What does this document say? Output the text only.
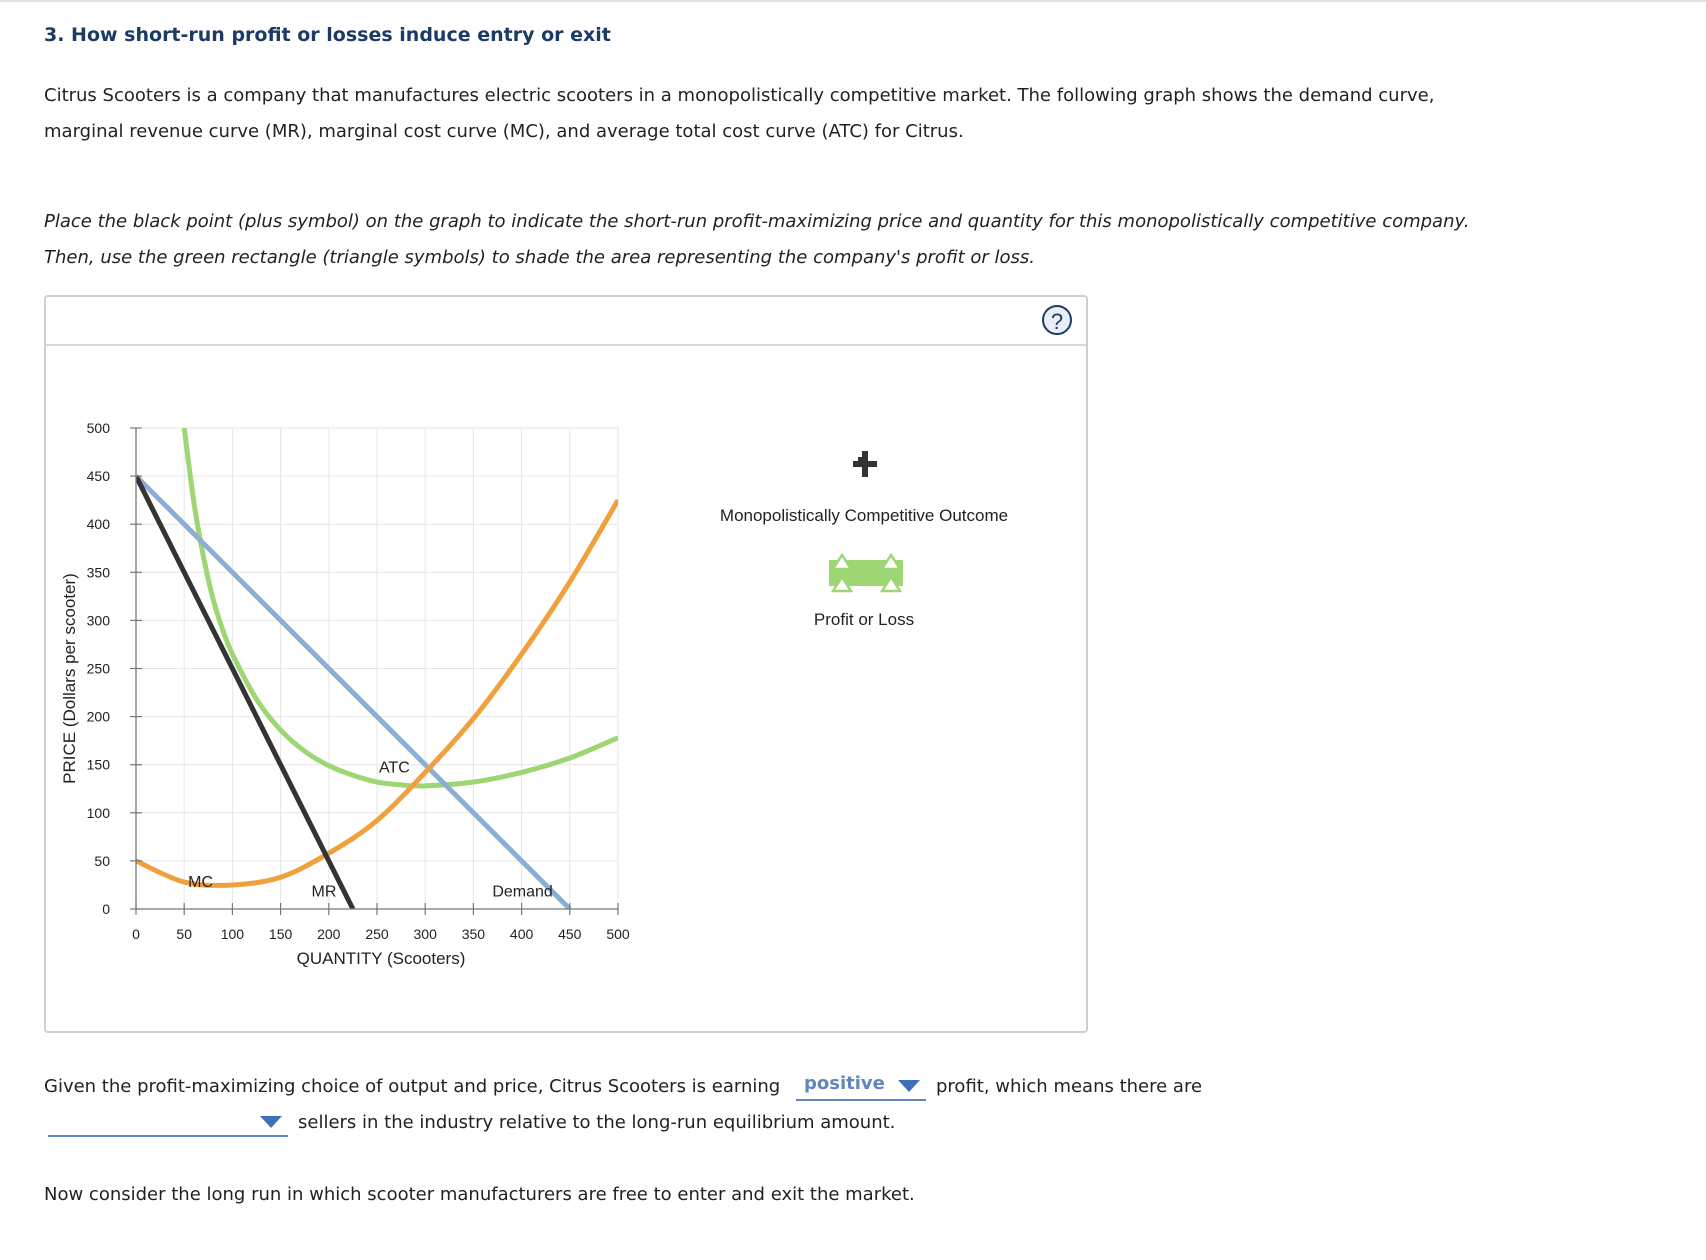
3. How short-run profit or losses induce entry or exit
Citrus Scooters is a company that manufactures electric scooters in a monopolistically competitive market. The following graph shows the demand curve, marginal revenue curve (MR), marginal cost curve (MC), and average total cost curve (ATC) for Citrus.
Place the black point (plus symbol) on the graph to indicate the short-run profit-maximizing price and quantity for this monopolistically competitive company. Then, use the green rectangle (triangle symbols) to shade the area representing the company's profit or loss.
?
0	50 100 150 200 250 300 350 400 450 500
0
50
100
150
200
250
300
350
400
450
500
QUANTITY (Scooters)
PRICE (Dollars per scooter)
MC
MR
ATC
Demand
Monopolistically Competitive Outcome
Profit or Loss
Given the profit-maximizing choice of output and price, Citrus Scooters is earning positive	profit, which means there are
sellers in the industry relative to the long-run equilibrium amount.
Now consider the long run in which scooter manufacturers are free to enter and exit the market.
